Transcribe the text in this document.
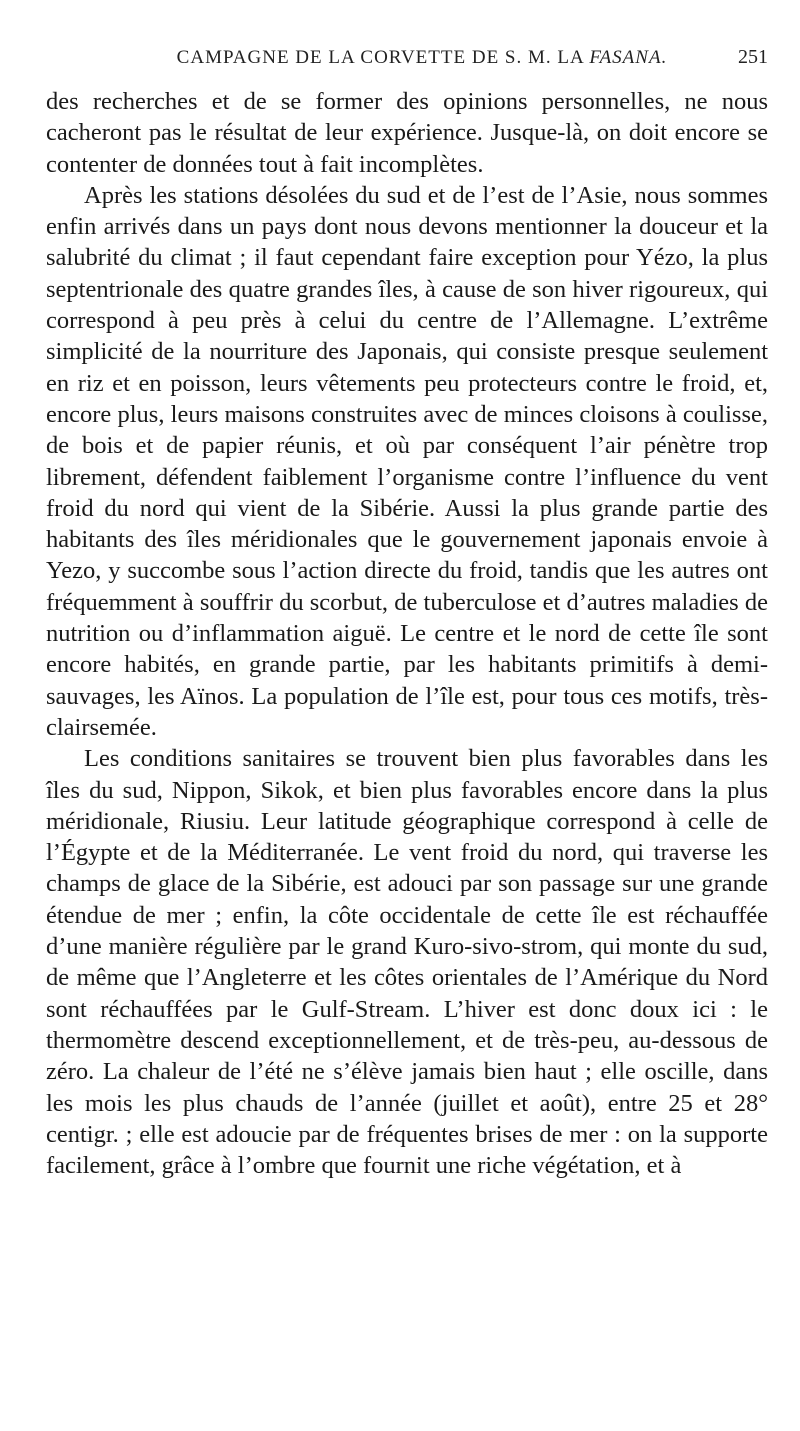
CAMPAGNE DE LA CORVETTE DE S. M. LA FASANA.	251

des recherches et de se former des opinions personnelles, ne nous cacheront pas le résultat de leur expérience. Jusque-là, on doit encore se contenter de données tout à fait incomplètes.

Après les stations désolées du sud et de l’est de l’Asie, nous sommes enfin arrivés dans un pays dont nous devons mentionner la douceur et la salubrité du climat ; il faut cependant faire exception pour Yézo, la plus septentrionale des quatre grandes îles, à cause de son hiver rigoureux, qui correspond à peu près à celui du centre de l’Allemagne. L’extrême simplicité de la nourriture des Japonais, qui consiste presque seulement en riz et en poisson, leurs vêtements peu protecteurs contre le froid, et, encore plus, leurs maisons construites avec de minces cloisons à coulisse, de bois et de papier réunis, et où par conséquent l’air pénètre trop librement, défendent faiblement l’organisme contre l’influence du vent froid du nord qui vient de la Sibérie. Aussi la plus grande partie des habitants des îles méridionales que le gouvernement japonais envoie à Yezo, y succombe sous l’action directe du froid, tandis que les autres ont fréquemment à souffrir du scorbut, de tuberculose et d’autres maladies de nutrition ou d’inflammation aiguë. Le centre et le nord de cette île sont encore habités, en grande partie, par les habitants primitifs à demi-sauvages, les Aïnos. La population de l’île est, pour tous ces motifs, très-clairsemée.

Les conditions sanitaires se trouvent bien plus favorables dans les îles du sud, Nippon, Sikok, et bien plus favorables encore dans la plus méridionale, Riusiu. Leur latitude géographique correspond à celle de l’Égypte et de la Méditerranée. Le vent froid du nord, qui traverse les champs de glace de la Sibérie, est adouci par son passage sur une grande étendue de mer ; enfin, la côte occidentale de cette île est réchauffée d’une manière régulière par le grand Kuro-sivo-strom, qui monte du sud, de même que l’Angleterre et les côtes orientales de l’Amérique du Nord sont réchauffées par le Gulf-Stream. L’hiver est donc doux ici : le thermomètre descend exceptionnellement, et de très-peu, au-dessous de zéro. La chaleur de l’été ne s’élève jamais bien haut ; elle oscille, dans les mois les plus chauds de l’année (juillet et août), entre 25 et 28° centigr. ; elle est adoucie par de fréquentes brises de mer : on la supporte facilement, grâce à l’ombre que fournit une riche végétation, et à
